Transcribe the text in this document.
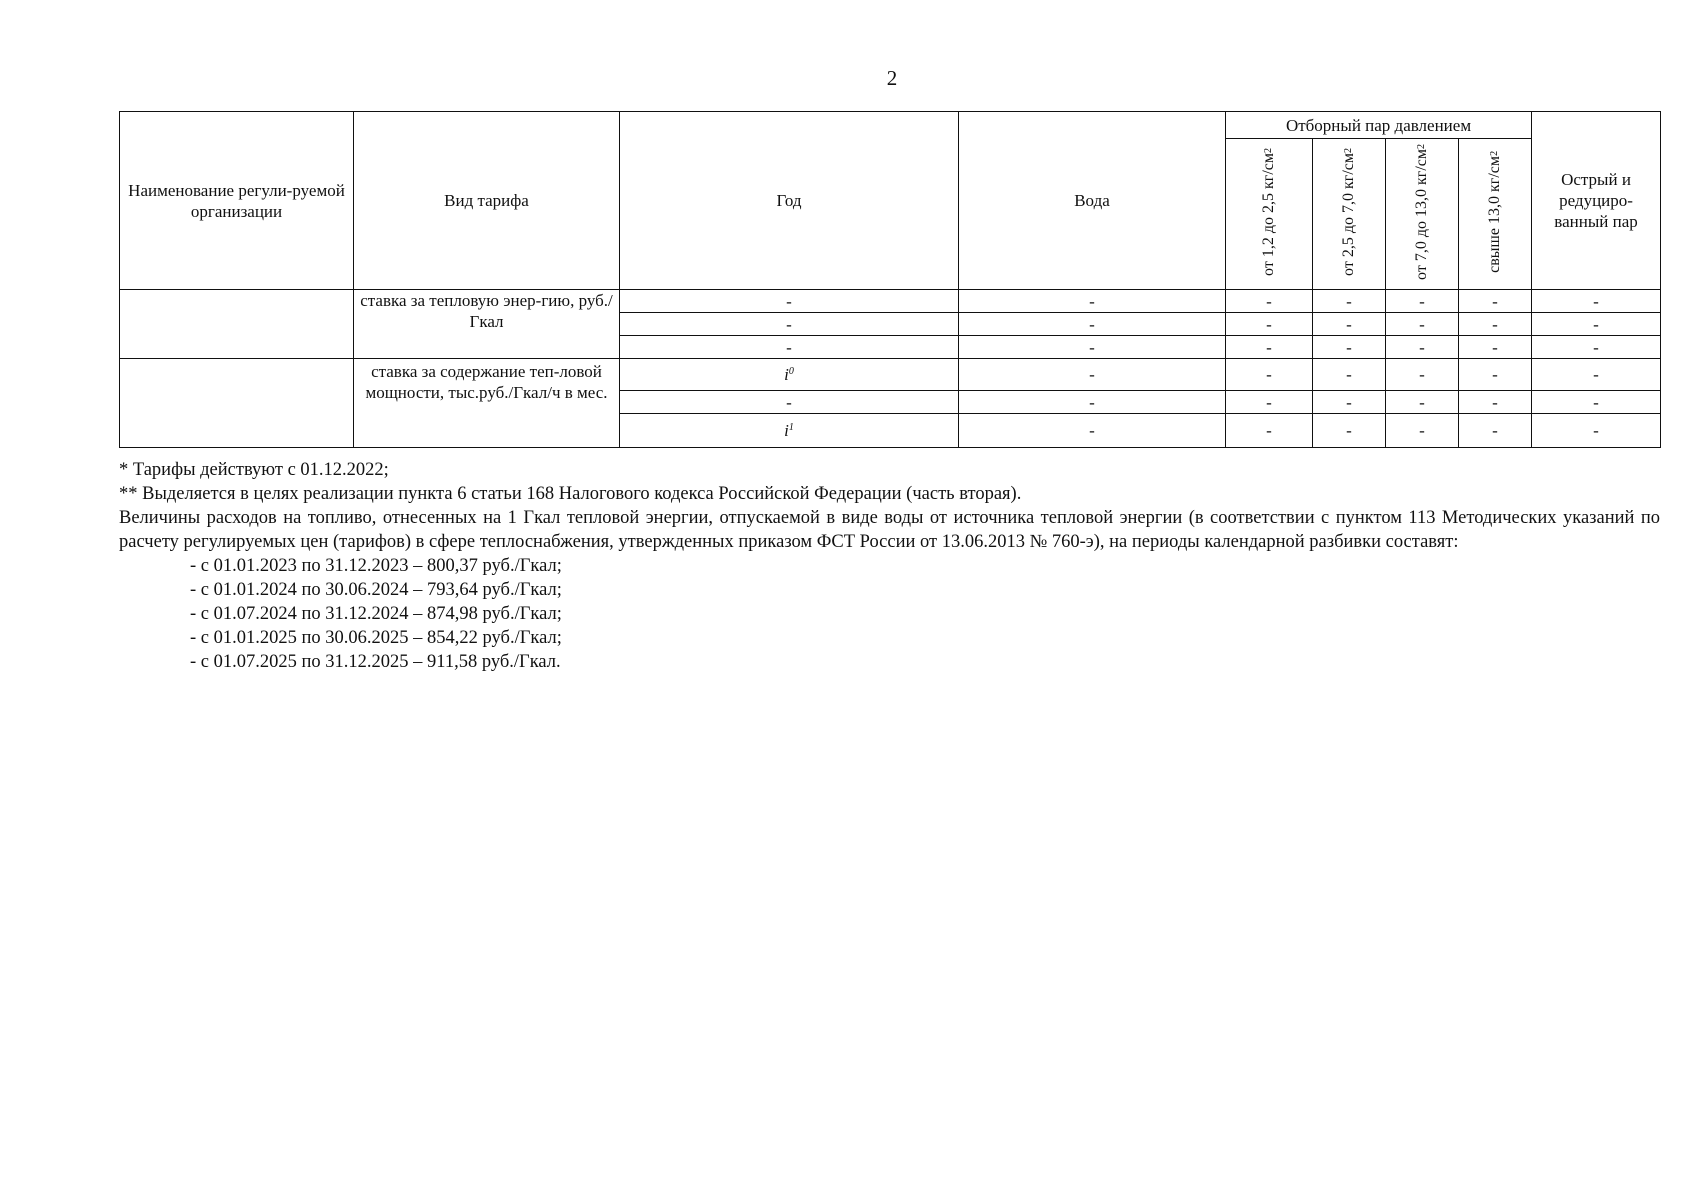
2
Наименование регули-руемой организации	Вид тарифа	Год	Вода	Отборный пар давлением				Острый и редуциро-ванный пар
				от 1,2 до 2,5 кг/см2	от 2,5 до 7,0 кг/см2	от 7,0 до 13,0 кг/см2	свыше 13,0 кг/см2	
	ставка за тепловую энер-гию, руб./Гкал	-	-	-	-	-	-	-
		-	-	-	-	-	-	-
		-	-	-	-	-	-	-
	ставка за содержание теп-ловой мощности, тыс.руб./Гкал/ч в мес.	$i^0$	-	-	-	-	-	-
		-	-	-	-	-	-	-
		$i^1$	-	-	-	-	-	-

* Тарифы действуют с 01.12.2022;

** Выделяется в целях реализации пункта 6 статьи 168 Налогового кодекса Российской Федерации (часть вторая).

Величины расходов на топливо, отнесенных на 1 Гкал тепловой энергии, отпускаемой в виде воды от источника тепловой энергии (в соответствии с пунктом 113 Методических указаний по расчету регулируемых цен (тарифов) в сфере теплоснабжения, утвержденных приказом ФСТ России от 13.06.2013 № 760-э), на периоды календарной разбивки составят:

- с 01.01.2023 по 31.12.2023 – 800,37 руб./Гкал;

- с 01.01.2024 по 30.06.2024 – 793,64 руб./Гкал;

- с 01.07.2024 по 31.12.2024 – 874,98 руб./Гкал;

- с 01.01.2025 по 30.06.2025 – 854,22 руб./Гкал;

- с 01.07.2025 по 31.12.2025 – 911,58 руб./Гкал.
